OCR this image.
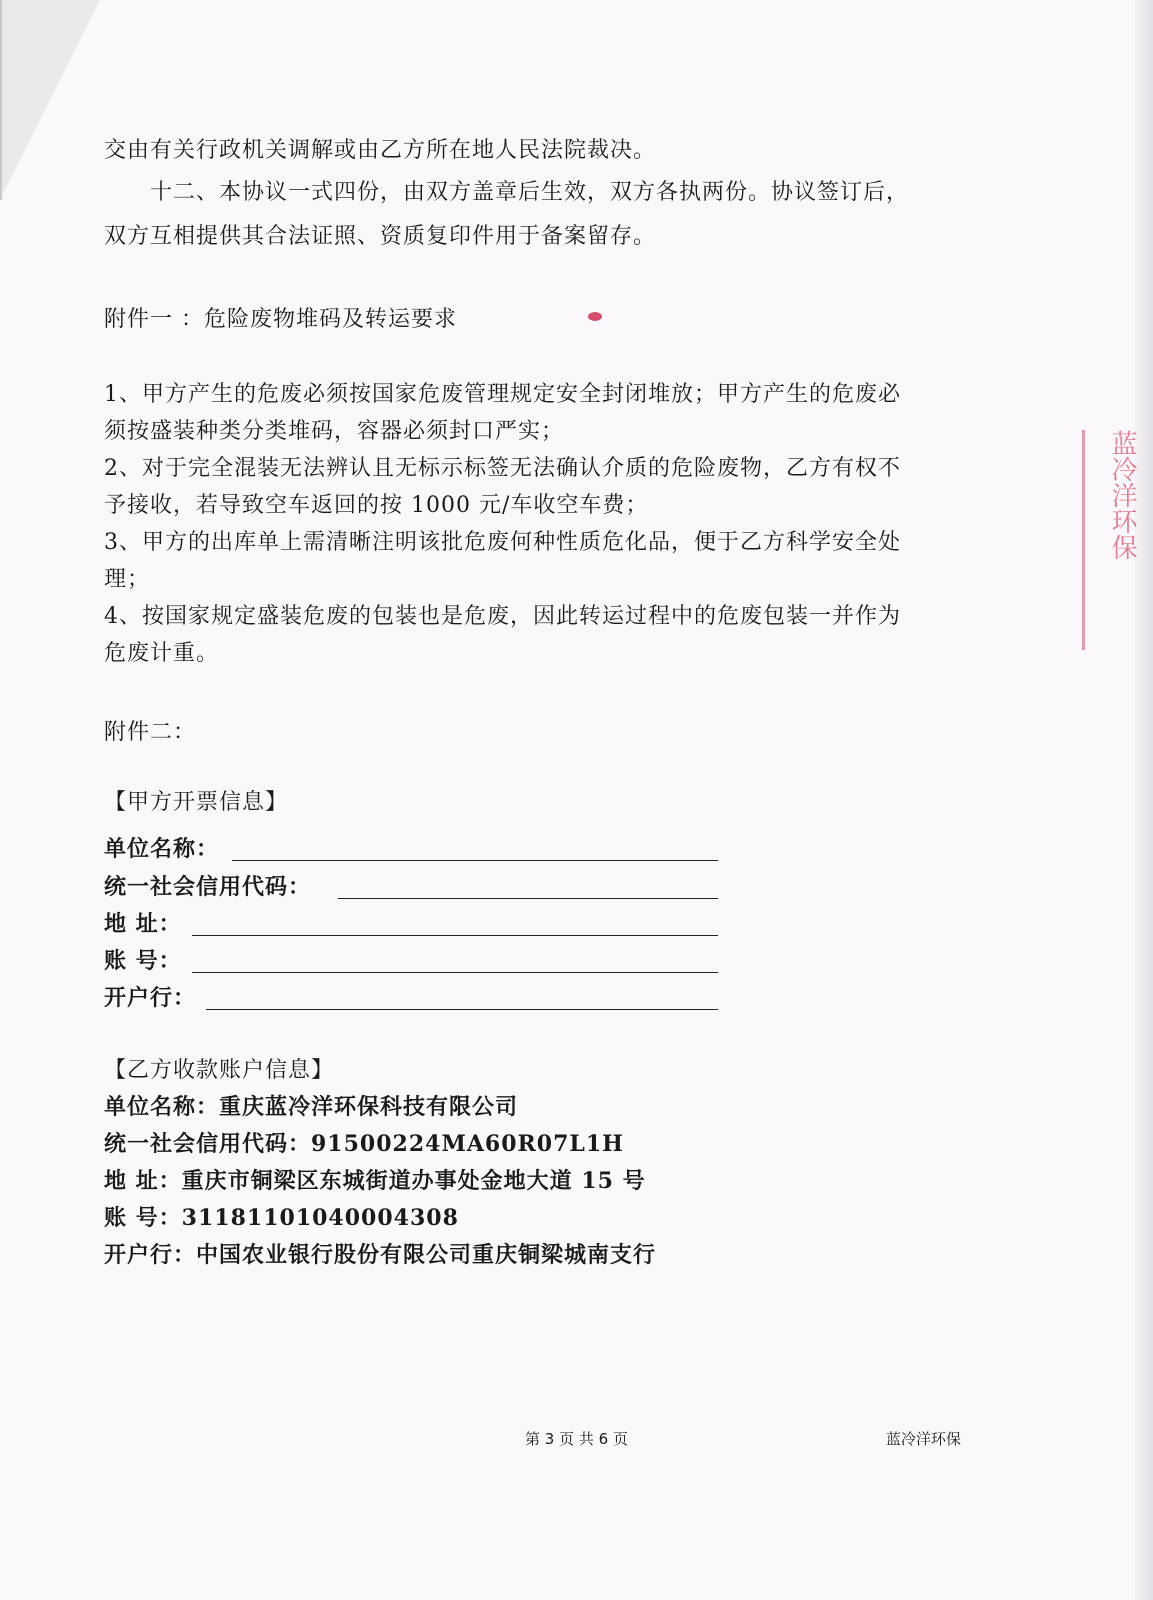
交由有关行政机关调解或由乙方所在地人民法院裁决。
十二、本协议一式四份，由双方盖章后生效，双方各执两份。协议签订后，
双方互相提供其合法证照、资质复印件用于备案留存。
附件一 ：危险废物堆码及转运要求
1、甲方产生的危废必须按国家危废管理规定安全封闭堆放；甲方产生的危废必
须按盛装种类分类堆码，容器必须封口严实；
2、对于完全混装无法辨认且无标示标签无法确认介质的危险废物，乙方有权不
予接收，若导致空车返回的按 1000 元/车收空车费；
3、甲方的出库单上需清晰注明该批危废何种性质危化品，便于乙方科学安全处
理；
4、按国家规定盛装危废的包装也是危废，因此转运过程中的危废包装一并作为
危废计重。
附件二：
【甲方开票信息】
单位名称：
统一社会信用代码：
地 址：
账 号：
开户行：
【乙方收款账户信息】
单位名称：重庆蓝冷洋环保科技有限公司
统一社会信用代码：91500224MA60R07L1H
地 址：重庆市铜梁区东城街道办事处金地大道 15 号
账 号：31181101040004308
开户行：中国农业银行股份有限公司重庆铜梁城南支行
第 3 页 共 6 页	蓝冷洋环保
蓝冷洋环保
